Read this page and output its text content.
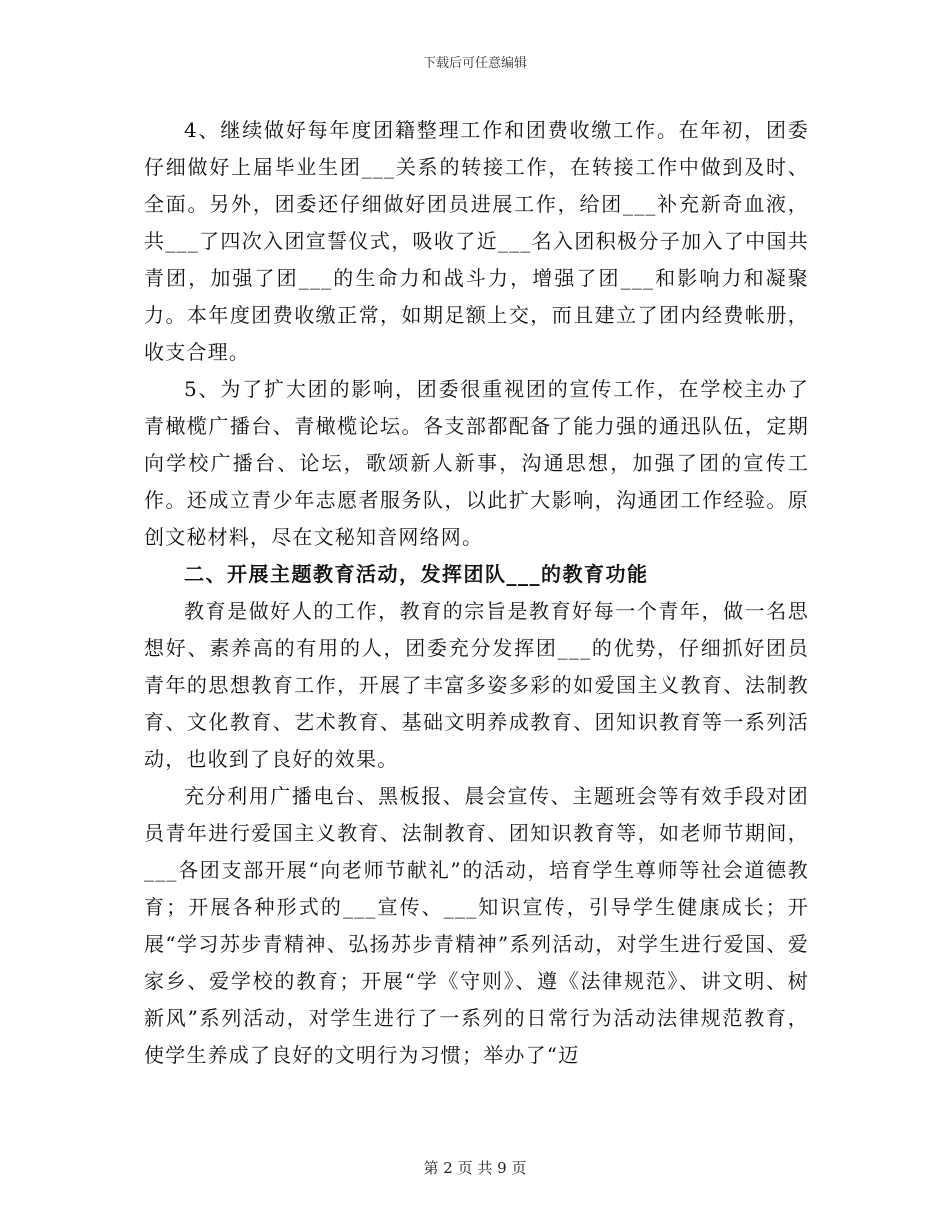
下载后可任意编辑

4、继续做好每年度团籍整理工作和团费收缴工作。在年初，团委仔细做好上届毕业生团___关系的转接工作，在转接工作中做到及时、全面。另外，团委还仔细做好团员进展工作，给团___补充新奇血液，共___了四次入团宣誓仪式，吸收了近___名入团积极分子加入了中国共青团，加强了团___的生命力和战斗力，增强了团___和影响力和凝聚力。本年度团费收缴正常，如期足额上交，而且建立了团内经费帐册，收支合理。

5、为了扩大团的影响，团委很重视团的宣传工作，在学校主办了青橄榄广播台、青橄榄论坛。各支部都配备了能力强的通迅队伍，定期向学校广播台、论坛，歌颂新人新事，沟通思想，加强了团的宣传工作。还成立青少年志愿者服务队，以此扩大影响，沟通团工作经验。原创文秘材料，尽在文秘知音网络网。

二、开展主题教育活动，发挥团队___的教育功能

教育是做好人的工作，教育的宗旨是教育好每一个青年，做一名思想好、素养高的有用的人，团委充分发挥团___的优势，仔细抓好团员青年的思想教育工作，开展了丰富多姿多彩的如爱国主义教育、法制教育、文化教育、艺术教育、基础文明养成教育、团知识教育等一系列活动，也收到了良好的效果。

充分利用广播电台、黑板报、晨会宣传、主题班会等有效手段对团员青年进行爱国主义教育、法制教育、团知识教育等，如老师节期间，___各团支部开展“向老师节献礼”的活动，培育学生尊师等社会道德教育；开展各种形式的___宣传、___知识宣传，引导学生健康成长；开展“学习苏步青精神、弘扬苏步青精神”系列活动，对学生进行爱国、爱家乡、爱学校的教育；开展“学《守则》、遵《法律规范》、讲文明、树新风”系列活动，对学生进行了一系列的日常行为活动法律规范教育，使学生养成了良好的文明行为习惯；举办了“迈

第 2 页 共 9 页
